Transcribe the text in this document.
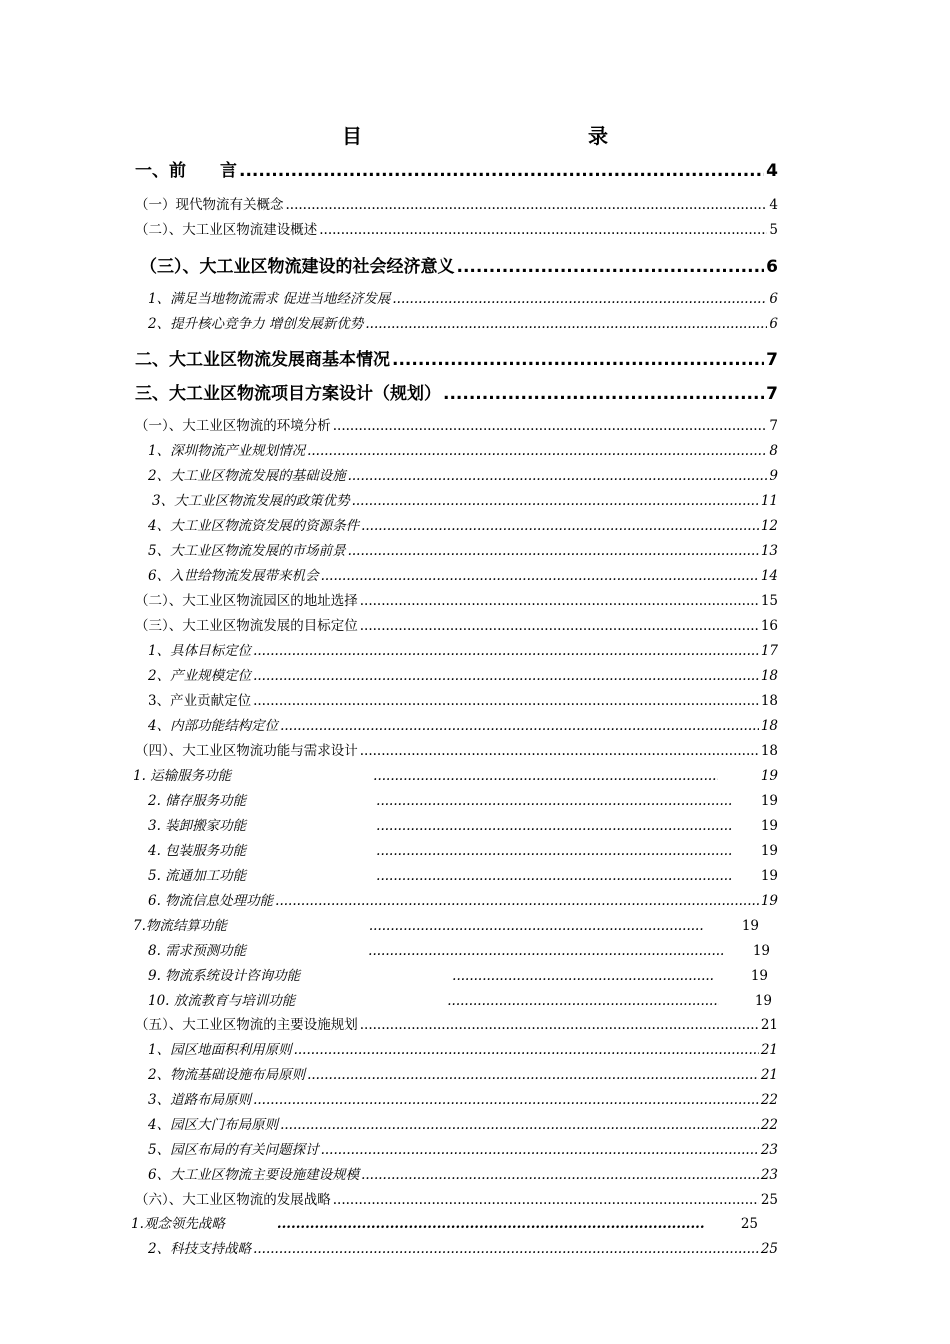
目　　录
一、前　　言 .....	4
（一）现代物流有关概念 .....	4
（二）、大工业区物流建设概述 .....	5
（三）、大工业区物流建设的社会经济意义 .....	6
1、满足当地物流需求 促进当地经济发展 .....	6
2、提升核心竞争力 增创发展新优势 .....	6
二、大工业区物流发展商基本情况 .....	7
三、大工业区物流项目方案设计（规划） .....	7
（一）、大工业区物流的环境分析 .....	7
1、深圳物流产业规划情况 .....	8
2、大工业区物流发展的基础设施 .....	9
3、大工业区物流发展的政策优势 .....	11
4、大工业区物流资发展的资源条件 .....	12
5、大工业区物流发展的市场前景 .....	13
6、入世给物流发展带来机会 .....	14
（二）、大工业区物流园区的地址选择 .....	15
（三）、大工业区物流发展的目标定位 .....	16
1、具体目标定位 .....	17
2、产业规模定位 .....	18
3、产业贡献定位 .....	18
4、内部功能结构定位 .....	18
（四）、大工业区物流功能与需求设计 .....	18
1. 运输服务功能 .....	19
2. 储存服务功能 .....	19
3. 装卸搬家功能 .....	19
4. 包装服务功能 .....	19
5. 流通加工功能 .....	19
6. 物流信息处理功能 .....	19
7.物流结算功能 .....	19
8. 需求预测功能 .....	19
9. 物流系统设计咨询功能 .....	19
10. 放流教育与培训功能 .....	19
（五）、大工业区物流的主要设施规划 .....	21
1、园区地面积利用原则 .....	21
2、物流基础设施布局原则 .....	21
3、道路布局原则 .....	22
4、园区大门布局原则 .....	22
5、园区布局的有关问题探讨 .....	23
6、大工业区物流主要设施建设规模 .....	23
（六）、大工业区物流的发展战略 .....	25
1.观念领先战略 .....	25
2、科技支持战略 .....	25
